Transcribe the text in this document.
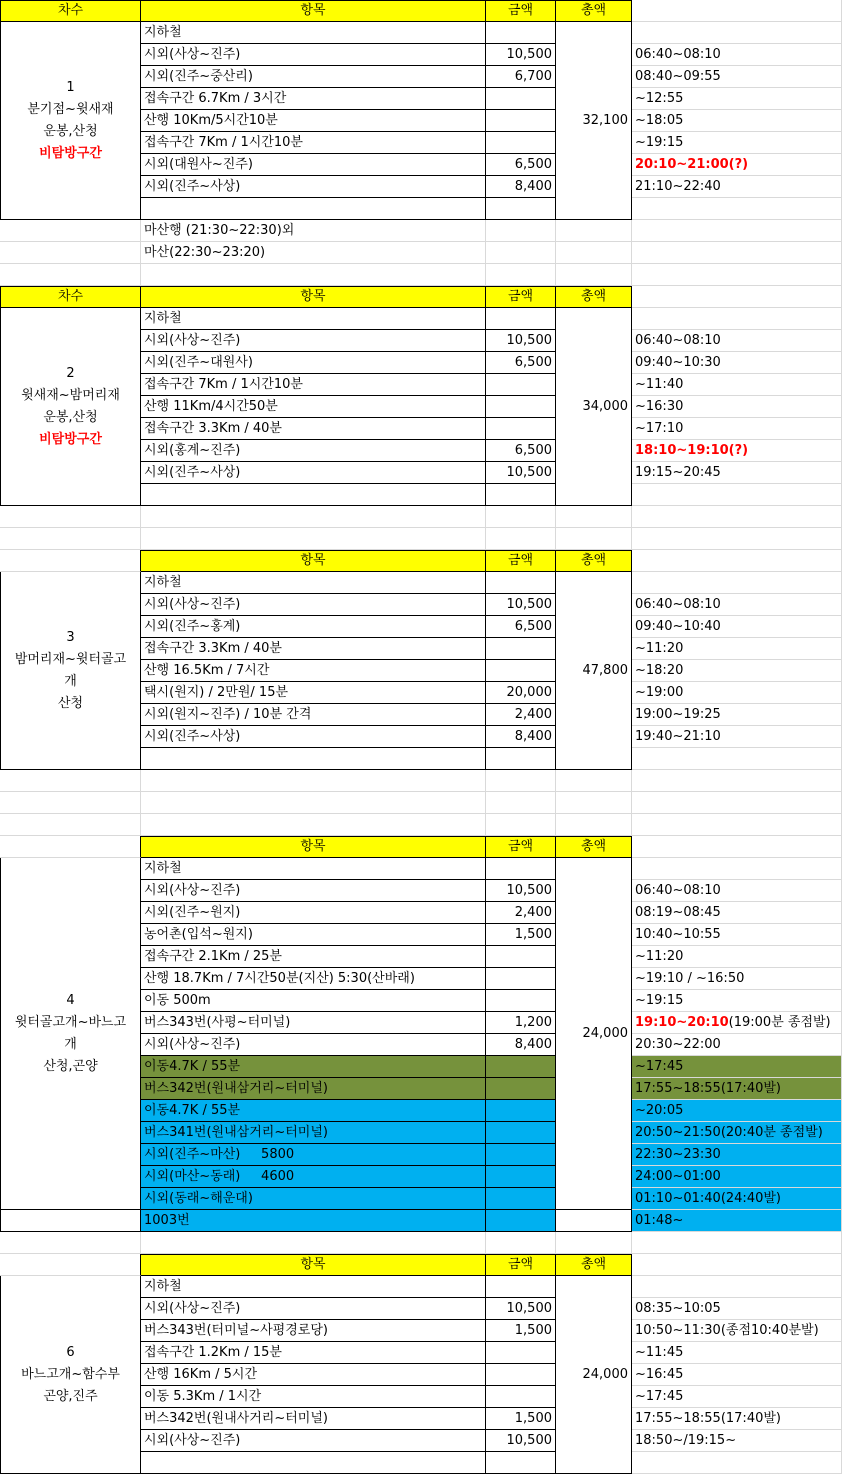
차수	항목	금액	총액
1
분기점~윗새재
운봉,산청
비탐방구간
32,100
지하철
시외(사상~진주)	10,500	06:40~08:10
시외(진주~중산리)	6,700	08:40~09:55
접속구간 6.7Km / 3시간	~12:55
산행 10Km/5시간10분	~18:05
접속구간 7Km / 1시간10분	~19:15
시외(대원사~진주)	6,500	20:10~21:00(?)
시외(진주~사상)	8,400	21:10~22:40
마산행 (21:30~22:30)외
마산(22:30~23:20)
차수	항목	금액	총액
2
윗새재~밤머리재
운봉,산청
비탐방구간
34,000
지하철
시외(사상~진주)	10,500	06:40~08:10
시외(진주~대원사)	6,500	09:40~10:30
접속구간 7Km / 1시간10분	~11:40
산행 11Km/4시간50분	~16:30
접속구간 3.3Km / 40분	~17:10
시외(홍계~진주)	6,500	18:10~19:10(?)
시외(진주~사상)	10,500	19:15~20:45
항목	금액	총액
3
밤머리재~윗터골고
개
산청
47,800
지하철
시외(사상~진주)	10,500	06:40~08:10
시외(진주~홍계)	6,500	09:40~10:40
접속구간 3.3Km / 40분	~11:20
산행 16.5Km / 7시간	~18:20
택시(원지) / 2만원/ 15분	20,000	~19:00
시외(원지~진주) / 10분 간격	2,400	19:00~19:25
시외(진주~사상)	8,400	19:40~21:10
항목	금액	총액
4
윗터골고개~바느고
개
산청,곤양
24,000
지하철
시외(사상~진주)	10,500	06:40~08:10
시외(진주~원지)	2,400	08:19~08:45
농어촌(입석~원지)	1,500	10:40~10:55
접속구간 2.1Km / 25분	~11:20
산행 18.7Km / 7시간50분(지산) 5:30(산바래)	~19:10 / ~16:50
이동 500m	~19:15
버스343번(사평~터미널)	1,200	19:10~20:10 (19:00분 종점발)
시외(사상~진주)	8,400	20:30~22:00
이동4.7K / 55분	~17:45
버스342번(원내삼거리~터미널)	17:55~18:55(17:40발)
이동4.7K / 55분	~20:05
버스341번(원내삼거리~터미널)	20:50~21:50(20:40분 종점발)
시외(진주~마산)     5800	22:30~23:30
시외(마산~동래)     4600	24:00~01:00
시외(동래~해운대)	01:10~01:40(24:40발)
1003번	01:48~
항목	금액	총액
6
바느고개~함수부
곤양,진주
24,000
지하철
시외(사상~진주)	10,500	08:35~10:05
버스343번(터미널~사평경로당)	1,500	10:50~11:30(종점10:40분발)
접속구간 1.2Km / 15분	~11:45
산행 16Km / 5시간	~16:45
이동 5.3Km / 1시간	~17:45
버스342번(원내사거리~터미널)	1,500	17:55~18:55(17:40발)
시외(사상~진주)	10,500	18:50~/19:15~
